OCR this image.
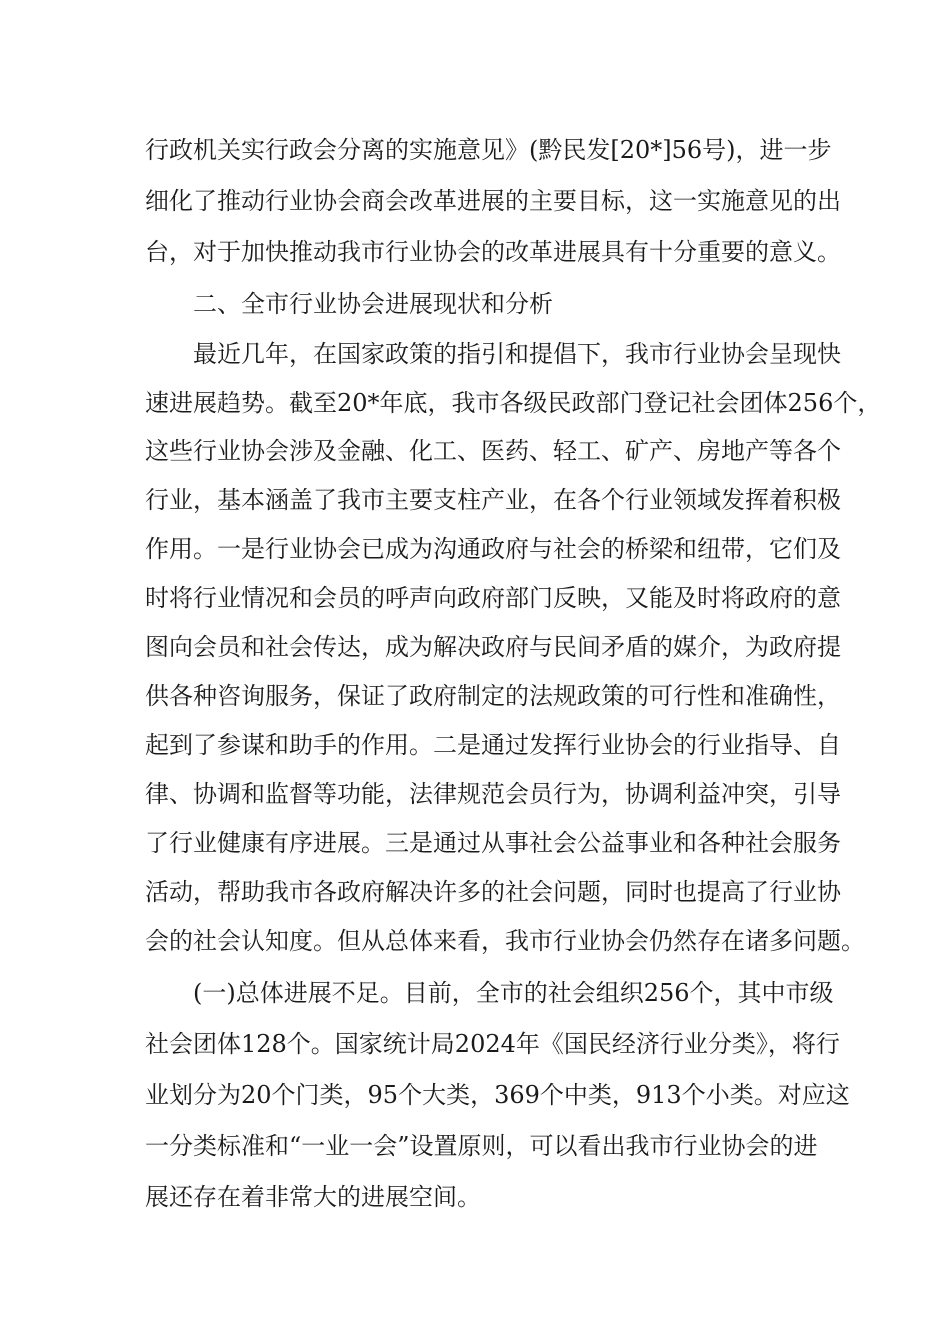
行政机关实行政会分离的实施意见》(黔民发[20*]56号)，进一步
细化了推动行业协会商会改革进展的主要目标，这一实施意见的出
台，对于加快推动我市行业协会的改革进展具有十分重要的意义。
二、全市行业协会进展现状和分析
最近几年，在国家政策的指引和提倡下，我市行业协会呈现快
速进展趋势。截至20*年底，我市各级民政部门登记社会团体256个，
这些行业协会涉及金融、化工、医药、轻工、矿产、房地产等各个
行业，基本涵盖了我市主要支柱产业，在各个行业领域发挥着积极
作用。一是行业协会已成为沟通政府与社会的桥梁和纽带，它们及
时将行业情况和会员的呼声向政府部门反映，又能及时将政府的意
图向会员和社会传达，成为解决政府与民间矛盾的媒介，为政府提
供各种咨询服务，保证了政府制定的法规政策的可行性和准确性，
起到了参谋和助手的作用。二是通过发挥行业协会的行业指导、自
律、协调和监督等功能，法律规范会员行为，协调利益冲突，引导
了行业健康有序进展。三是通过从事社会公益事业和各种社会服务
活动，帮助我市各政府解决许多的社会问题，同时也提高了行业协
会的社会认知度。但从总体来看，我市行业协会仍然存在诸多问题。
(一)总体进展不足。目前，全市的社会组织256个，其中市级
社会团体128个。国家统计局2024年《国民经济行业分类》，将行
业划分为20个门类，95个大类，369个中类，913个小类。对应这
一分类标准和“一业一会”设置原则，可以看出我市行业协会的进
展还存在着非常大的进展空间。
